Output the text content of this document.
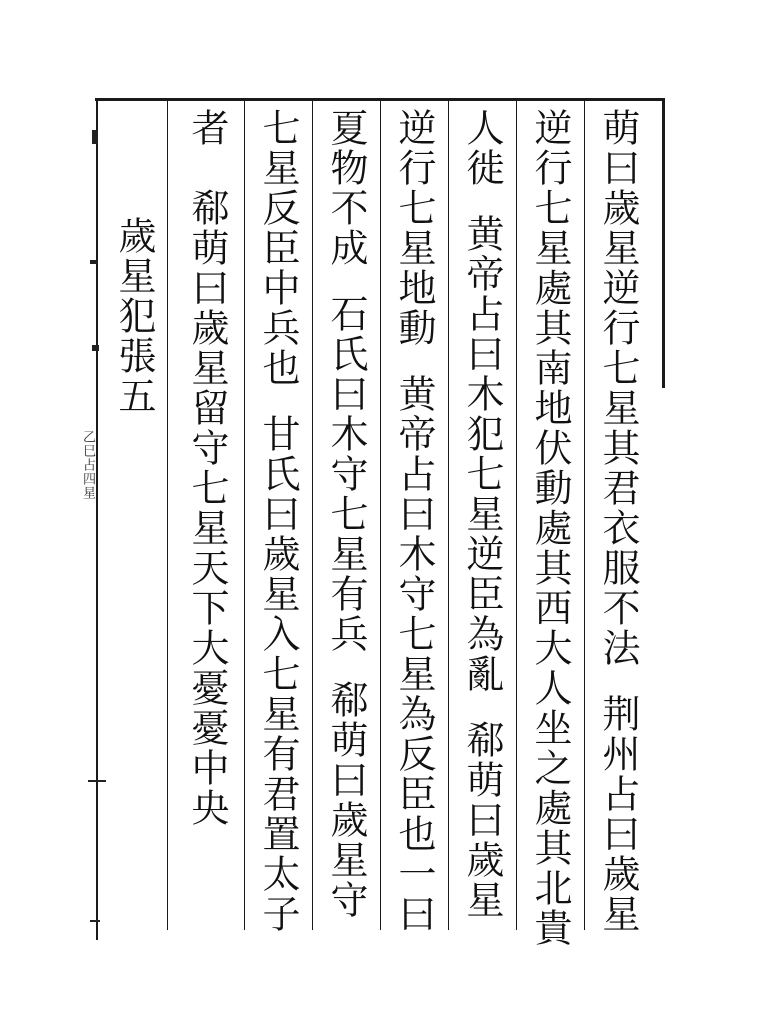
乙巳占四星	萌曰歲星逆行七星其君衣服不法荆州占曰歲星
逆行七星處其南地伏動處其西大人坐之處其北貴
人徙黄帝占曰木犯七星逆臣為亂郗萌曰歲星
逆行七星地動黄帝占曰木守七星為反臣也一曰
夏物不成石氏曰木守七星有兵郗萌曰歲星守
七星反臣中兵也甘氏曰歲星入七星有君置太子
者郗萌曰歲星留守七星天下大憂憂中央
歲星犯張五
